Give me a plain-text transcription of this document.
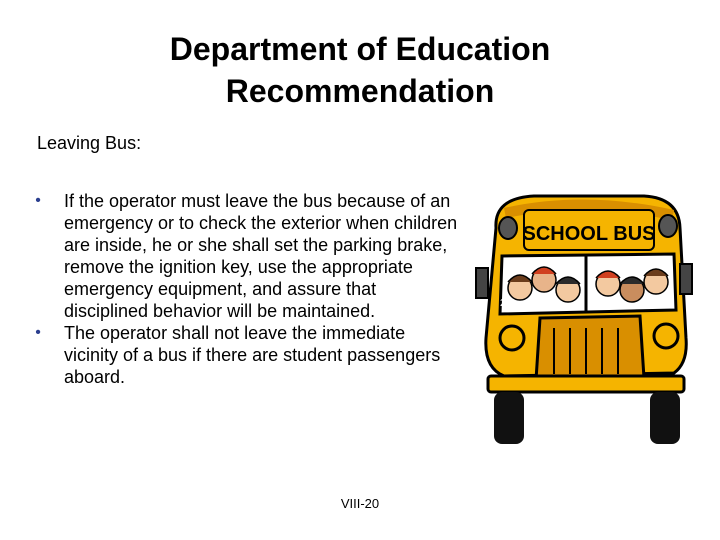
Department of Education
Recommendation
Leaving Bus:
• If the operator must leave the bus because of an emergency or to check the exterior when children are inside, he or she shall set the parking brake, remove the ignition key, use the appropriate emergency equipment, and assure that disciplined behavior will be maintained.
• The operator shall not leave the immediate vicinity of a bus if there are student passengers aboard.
SCHOOL BUS
21
VIII-20
